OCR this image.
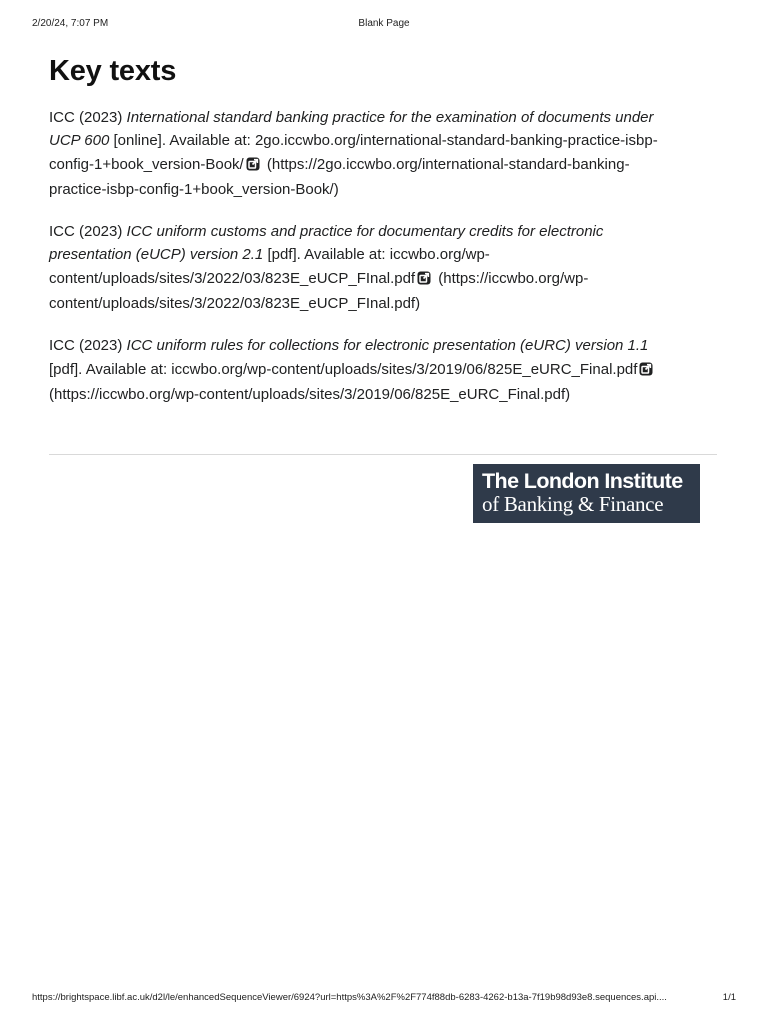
2/20/24, 7:07 PM	Blank Page
Key texts

ICC (2023) International standard banking practice for the examination of documents under UCP 600 [online]. Available at: 2go.iccwbo.org/international-standard-banking-practice-isbp-config-1+book_version-Book/ (https://2go.iccwbo.org/international-standard-banking-practice-isbp-config-1+book_version-Book/)

ICC (2023) ICC uniform customs and practice for documentary credits for electronic presentation (eUCP) version 2.1 [pdf]. Available at: iccwbo.org/wp-content/uploads/sites/3/2022/03/823E_eUCP_FInal.pdf (https://iccwbo.org/wp-content/uploads/sites/3/2022/03/823E_eUCP_FInal.pdf)

ICC (2023) ICC uniform rules for collections for electronic presentation (eURC) version 1.1 [pdf]. Available at: iccwbo.org/wp-content/uploads/sites/3/2019/06/825E_eURC_Final.pdf (https://iccwbo.org/wp-content/uploads/sites/3/2019/06/825E_eURC_Final.pdf)

The London Institute
of Banking & Finance
https://brightspace.libf.ac.uk/d2l/le/enhancedSequenceViewer/6924?url=https%3A%2F%2F774f88db-6283-4262-b13a-7f19b98d93e8.sequences.api....	1/1
